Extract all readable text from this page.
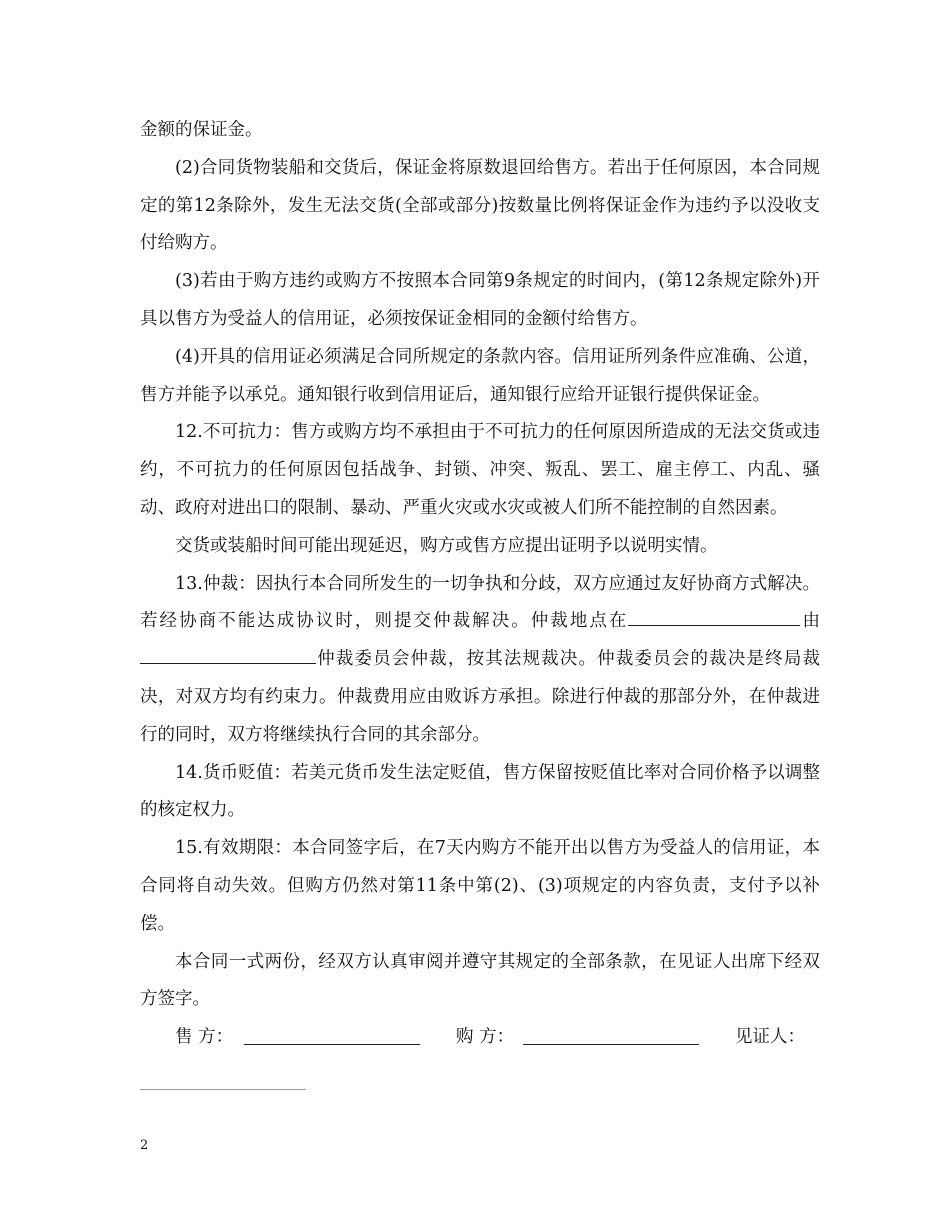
金额的保证金。

(2)合同货物装船和交货后，保证金将原数退回给售方。若出于任何原因，本合同规定的第12条除外，发生无法交货(全部或部分)按数量比例将保证金作为违约予以没收支付给购方。

(3)若由于购方违约或购方不按照本合同第9条规定的时间内，(第12条规定除外)开具以售方为受益人的信用证，必须按保证金相同的金额付给售方。

(4)开具的信用证必须满足合同所规定的条款内容。信用证所列条件应准确、公道，售方并能予以承兑。通知银行收到信用证后，通知银行应给开证银行提供保证金。

12.不可抗力：售方或购方均不承担由于不可抗力的任何原因所造成的无法交货或违约，不可抗力的任何原因包括战争、封锁、冲突、叛乱、罢工、雇主停工、内乱、骚动、政府对进出口的限制、暴动、严重火灾或水灾或被人们所不能控制的自然因素。

交货或装船时间可能出现延迟，购方或售方应提出证明予以说明实情。

13.仲裁：因执行本合同所发生的一切争执和分歧，双方应通过友好协商方式解决。若经协商不能达成协议时，则提交仲裁解决。仲裁地点在	由仲裁委员会仲裁，按其法规裁决。仲裁委员会的裁决是终局裁决，对双方均有约束力。仲裁费用应由败诉方承担。除进行仲裁的那部分外，在仲裁进行的同时，双方将继续执行合同的其余部分。

14.货币贬值：若美元货币发生法定贬值，售方保留按贬值比率对合同价格予以调整的核定权力。

15.有效期限：本合同签字后，在7天内购方不能开出以售方为受益人的信用证，本合同将自动失效。但购方仍然对第11条中第(2)、(3)项规定的内容负责，支付予以补偿。

本合同一式两份，经双方认真审阅并遵守其规定的全部条款，在见证人出席下经双方签字。

售 方：	购 方：	见证人：
2
